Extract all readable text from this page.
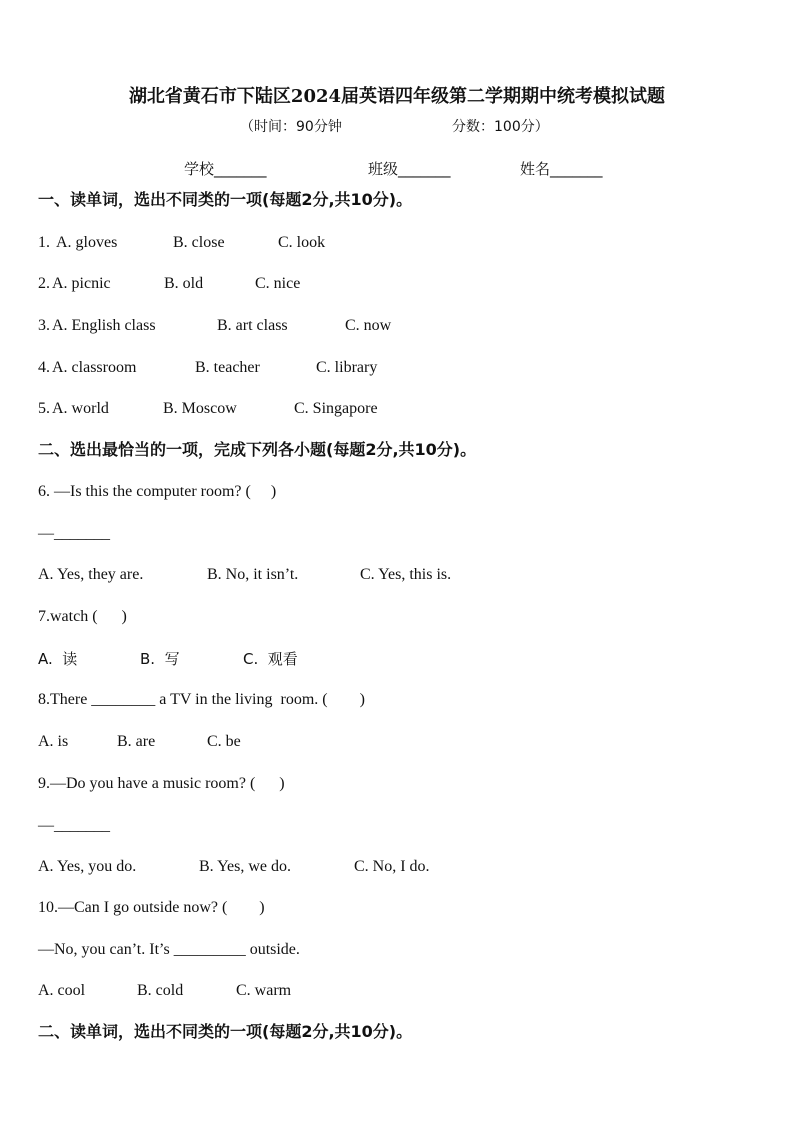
湖北省黄石市下陆区2024届英语四年级第二学期期中统考模拟试题
（时间：90分钟	分数：100分）
学校_______	班级_______	姓名_______
一、读单词，选出不同类的一项(每题2分,共10分)。
1. A. gloves	B. close	C. look
2. A. picnic	B. old	C. nice
3. A. English class	B. art class	C. now
4. A. classroom	B. teacher	C. library
5. A. world	B. Moscow	C. Singapore
二、选出最恰当的一项，完成下列各小题(每题2分,共10分)。
6. —Is this the computer room? (     )
—_______
A. Yes, they are.	B. No, it isn’t.	C. Yes, this is.
7.watch (      )
A.  读	B.  写	C.  观看
8.There ________ a TV in the living  room. (        )
A. is	B. are	C. be
9.—Do you have a music room? (      )
—_______
A. Yes, you do.	B. Yes, we do.	C. No, I do.
10.—Can I go outside now? (        )
—No, you can’t. It’s _________ outside.
A. cool	B. cold	C. warm
二、读单词，选出不同类的一项(每题2分,共10分)。
